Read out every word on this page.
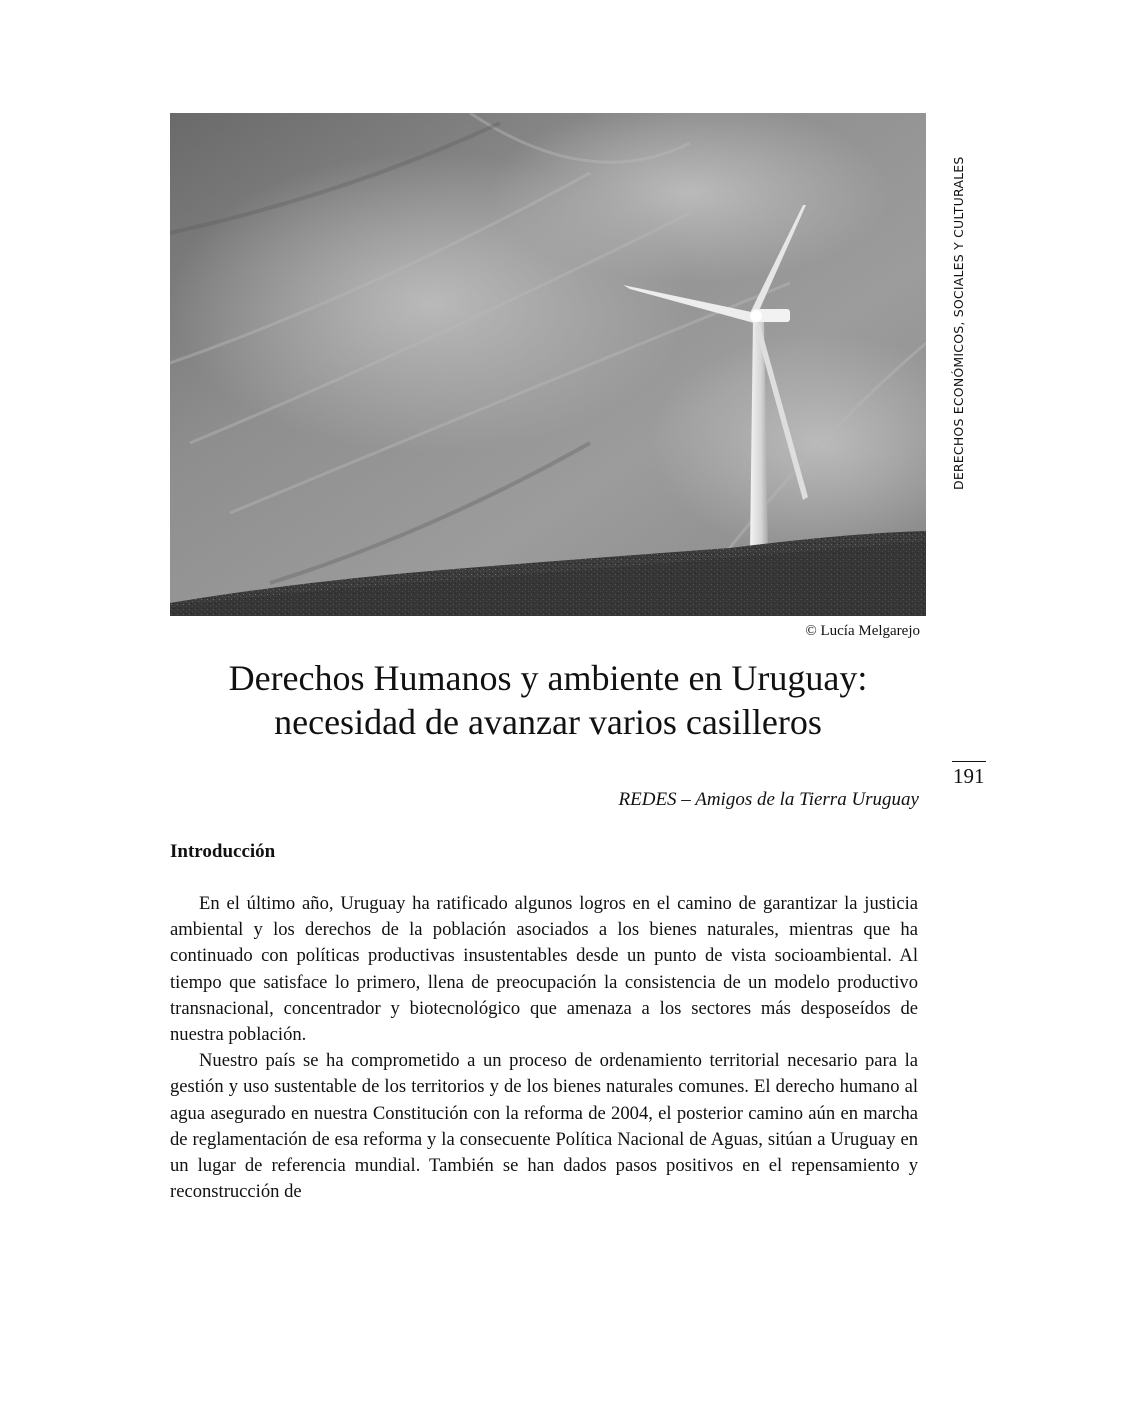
© Lucía Melgarejo
DERECHOS ECONÓMICOS, SOCIALES Y CULTURALES
Derechos Humanos y ambiente en Uruguay:
necesidad de avanzar varios casilleros
191
REDES – Amigos de la Tierra Uruguay
Introducción

En el último año, Uruguay ha ratificado algunos logros en el camino de garantizar la justicia ambiental y los derechos de la población asociados a los bienes naturales, mientras que ha continuado con políticas productivas insustentables desde un punto de vista socioambiental. Al tiempo que satisface lo primero, llena de preocupación la consistencia de un modelo productivo transnacional, concentrador y biotecnológico que amenaza a los sectores más desposeídos de nuestra población.

Nuestro país se ha comprometido a un proceso de ordenamiento territorial necesario para la gestión y uso sustentable de los territorios y de los bienes naturales comunes. El derecho humano al agua asegurado en nuestra Constitución con la reforma de 2004, el posterior camino aún en marcha de reglamentación de esa reforma y la consecuente Política Nacional de Aguas, sitúan a Uruguay en un lugar de referencia mundial. También se han dados pasos positivos en el repensamiento y reconstrucción de
